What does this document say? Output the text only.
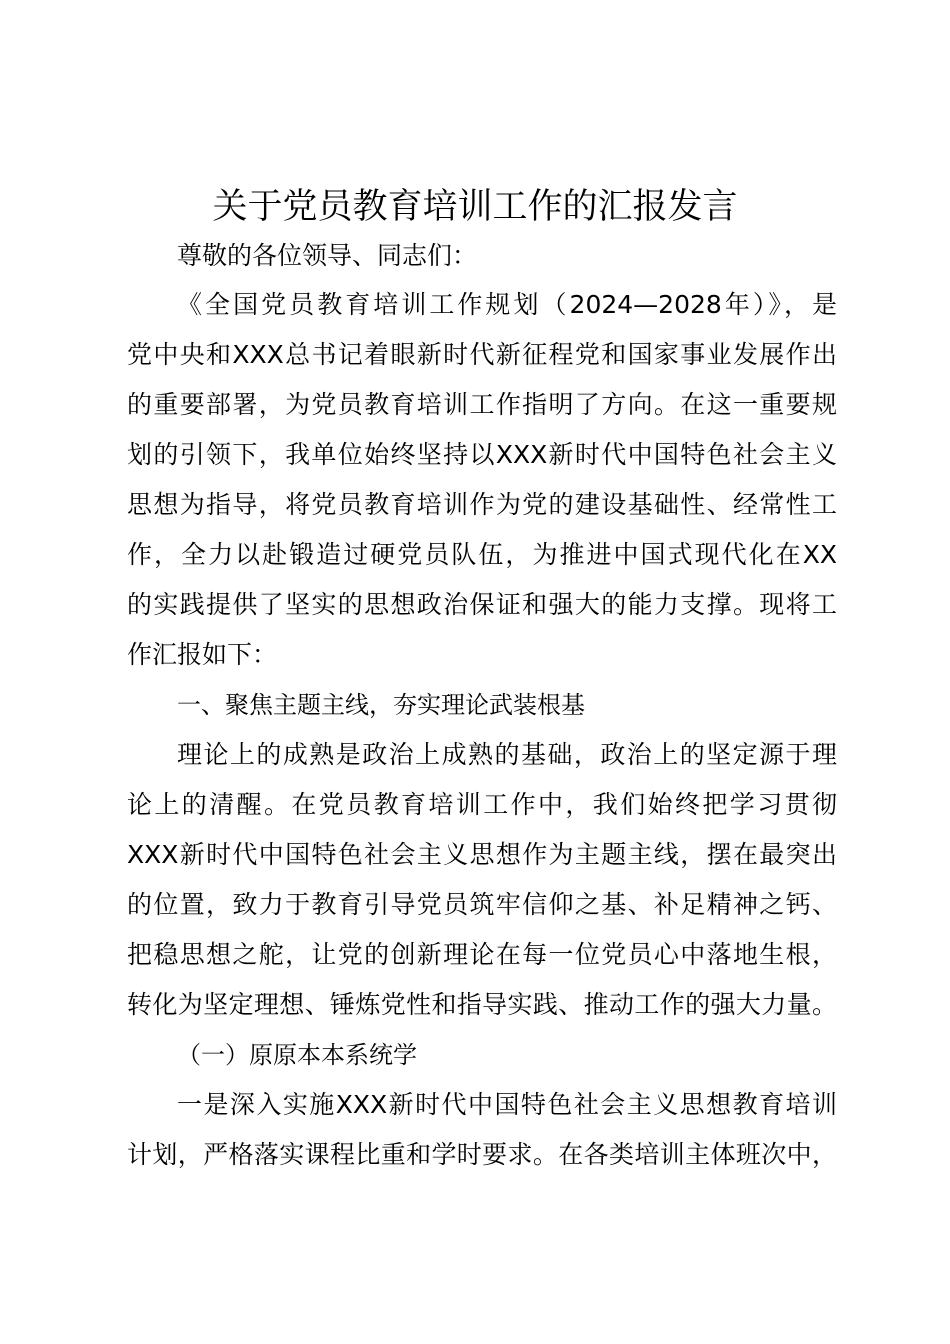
关于党员教育培训工作的汇报发言
尊敬的各位领导、同志们：
《全国党员教育培训工作规划（2024—2028年）》，是
党中央和XXX总书记着眼新时代新征程党和国家事业发展作出
的重要部署，为党员教育培训工作指明了方向。在这一重要规
划的引领下，我单位始终坚持以XXX新时代中国特色社会主义
思想为指导，将党员教育培训作为党的建设基础性、经常性工
作，全力以赴锻造过硬党员队伍，为推进中国式现代化在XX
的实践提供了坚实的思想政治保证和强大的能力支撑。现将工
作汇报如下：
一、聚焦主题主线，夯实理论武装根基
理论上的成熟是政治上成熟的基础，政治上的坚定源于理
论上的清醒。在党员教育培训工作中，我们始终把学习贯彻
XXX新时代中国特色社会主义思想作为主题主线，摆在最突出
的位置，致力于教育引导党员筑牢信仰之基、补足精神之钙、
把稳思想之舵，让党的创新理论在每一位党员心中落地生根，
转化为坚定理想、锤炼党性和指导实践、推动工作的强大力量。
（一）原原本本系统学
一是深入实施XXX新时代中国特色社会主义思想教育培训
计划，严格落实课程比重和学时要求。在各类培训主体班次中，
